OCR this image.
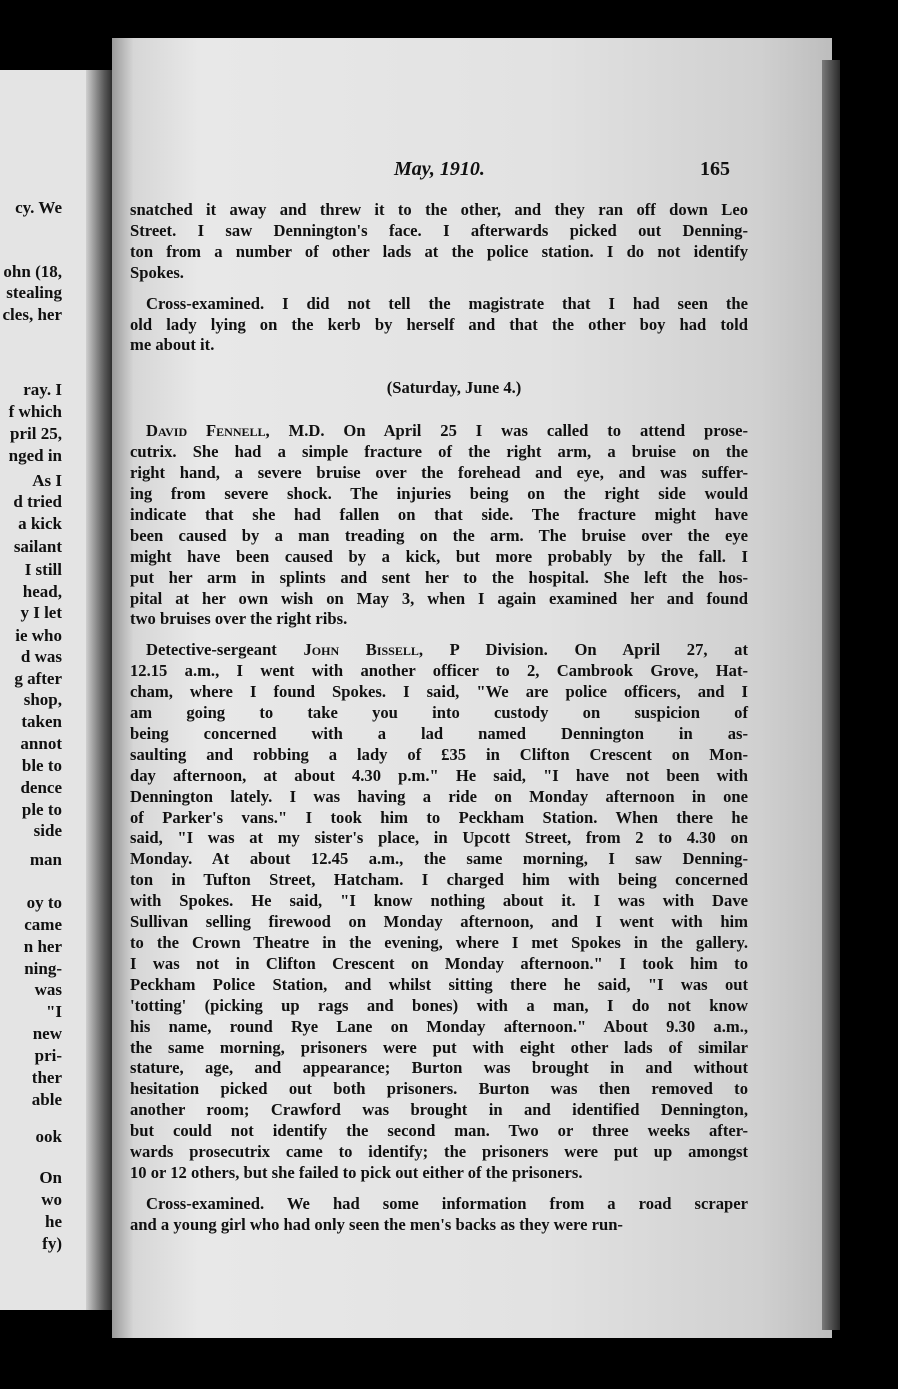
cy. We
ohn (18,
stealing
cles, her
ray. I
f which
pril 25,
nged in
As I
d tried
a kick
sailant
I still
head,
y I let
ie who
d was
g after
shop,
taken
annot
ble to
dence
ple to
side
man
oy to
came
n her
ning-
was
"I
new
pri-
ther
able
ook
On
wo
he
fy)
May, 1910.	165

snatched it away and threw it to the other, and they ran off down Leo
Street. I saw Dennington's face. I afterwards picked out Denning-
ton from a number of other lads at the police station. I do not identify
Spokes.

Cross-examined. I did not tell the magistrate that I had seen the
old lady lying on the kerb by herself and that the other boy had told
me about it.

(Saturday, June 4.)

David Fennell, M.D. On April 25 I was called to attend prose-
cutrix. She had a simple fracture of the right arm, a bruise on the
right hand, a severe bruise over the forehead and eye, and was suffer-
ing from severe shock. The injuries being on the right side would
indicate that she had fallen on that side. The fracture might have
been caused by a man treading on the arm. The bruise over the eye
might have been caused by a kick, but more probably by the fall. I
put her arm in splints and sent her to the hospital. She left the hos-
pital at her own wish on May 3, when I again examined her and found
two bruises over the right ribs.

Detective-sergeant John Bissell, P Division. On April 27, at
12.15 a.m., I went with another officer to 2, Cambrook Grove, Hat-
cham, where I found Spokes. I said, "We are police officers, and I
am going to take you into custody on suspicion of
being concerned with a lad named Dennington in as-
saulting and robbing a lady of £35 in Clifton Crescent on Mon-
day afternoon, at about 4.30 p.m." He said, "I have not been with
Dennington lately. I was having a ride on Monday afternoon in one
of Parker's vans." I took him to Peckham Station. When there he
said, "I was at my sister's place, in Upcott Street, from 2 to 4.30 on
Monday. At about 12.45 a.m., the same morning, I saw Denning-
ton in Tufton Street, Hatcham. I charged him with being concerned
with Spokes. He said, "I know nothing about it. I was with Dave
Sullivan selling firewood on Monday afternoon, and I went with him
to the Crown Theatre in the evening, where I met Spokes in the gallery.
I was not in Clifton Crescent on Monday afternoon." I took him to
Peckham Police Station, and whilst sitting there he said, "I was out
'totting' (picking up rags and bones) with a man, I do not know
his name, round Rye Lane on Monday afternoon." About 9.30 a.m.,
the same morning, prisoners were put with eight other lads of similar
stature, age, and appearance; Burton was brought in and without
hesitation picked out both prisoners. Burton was then removed to
another room; Crawford was brought in and identified Dennington,
but could not identify the second man. Two or three weeks after-
wards prosecutrix came to identify; the prisoners were put up amongst
10 or 12 others, but she failed to pick out either of the prisoners.

Cross-examined. We had some information from a road scraper
and a young girl who had only seen the men's backs as they were run-
